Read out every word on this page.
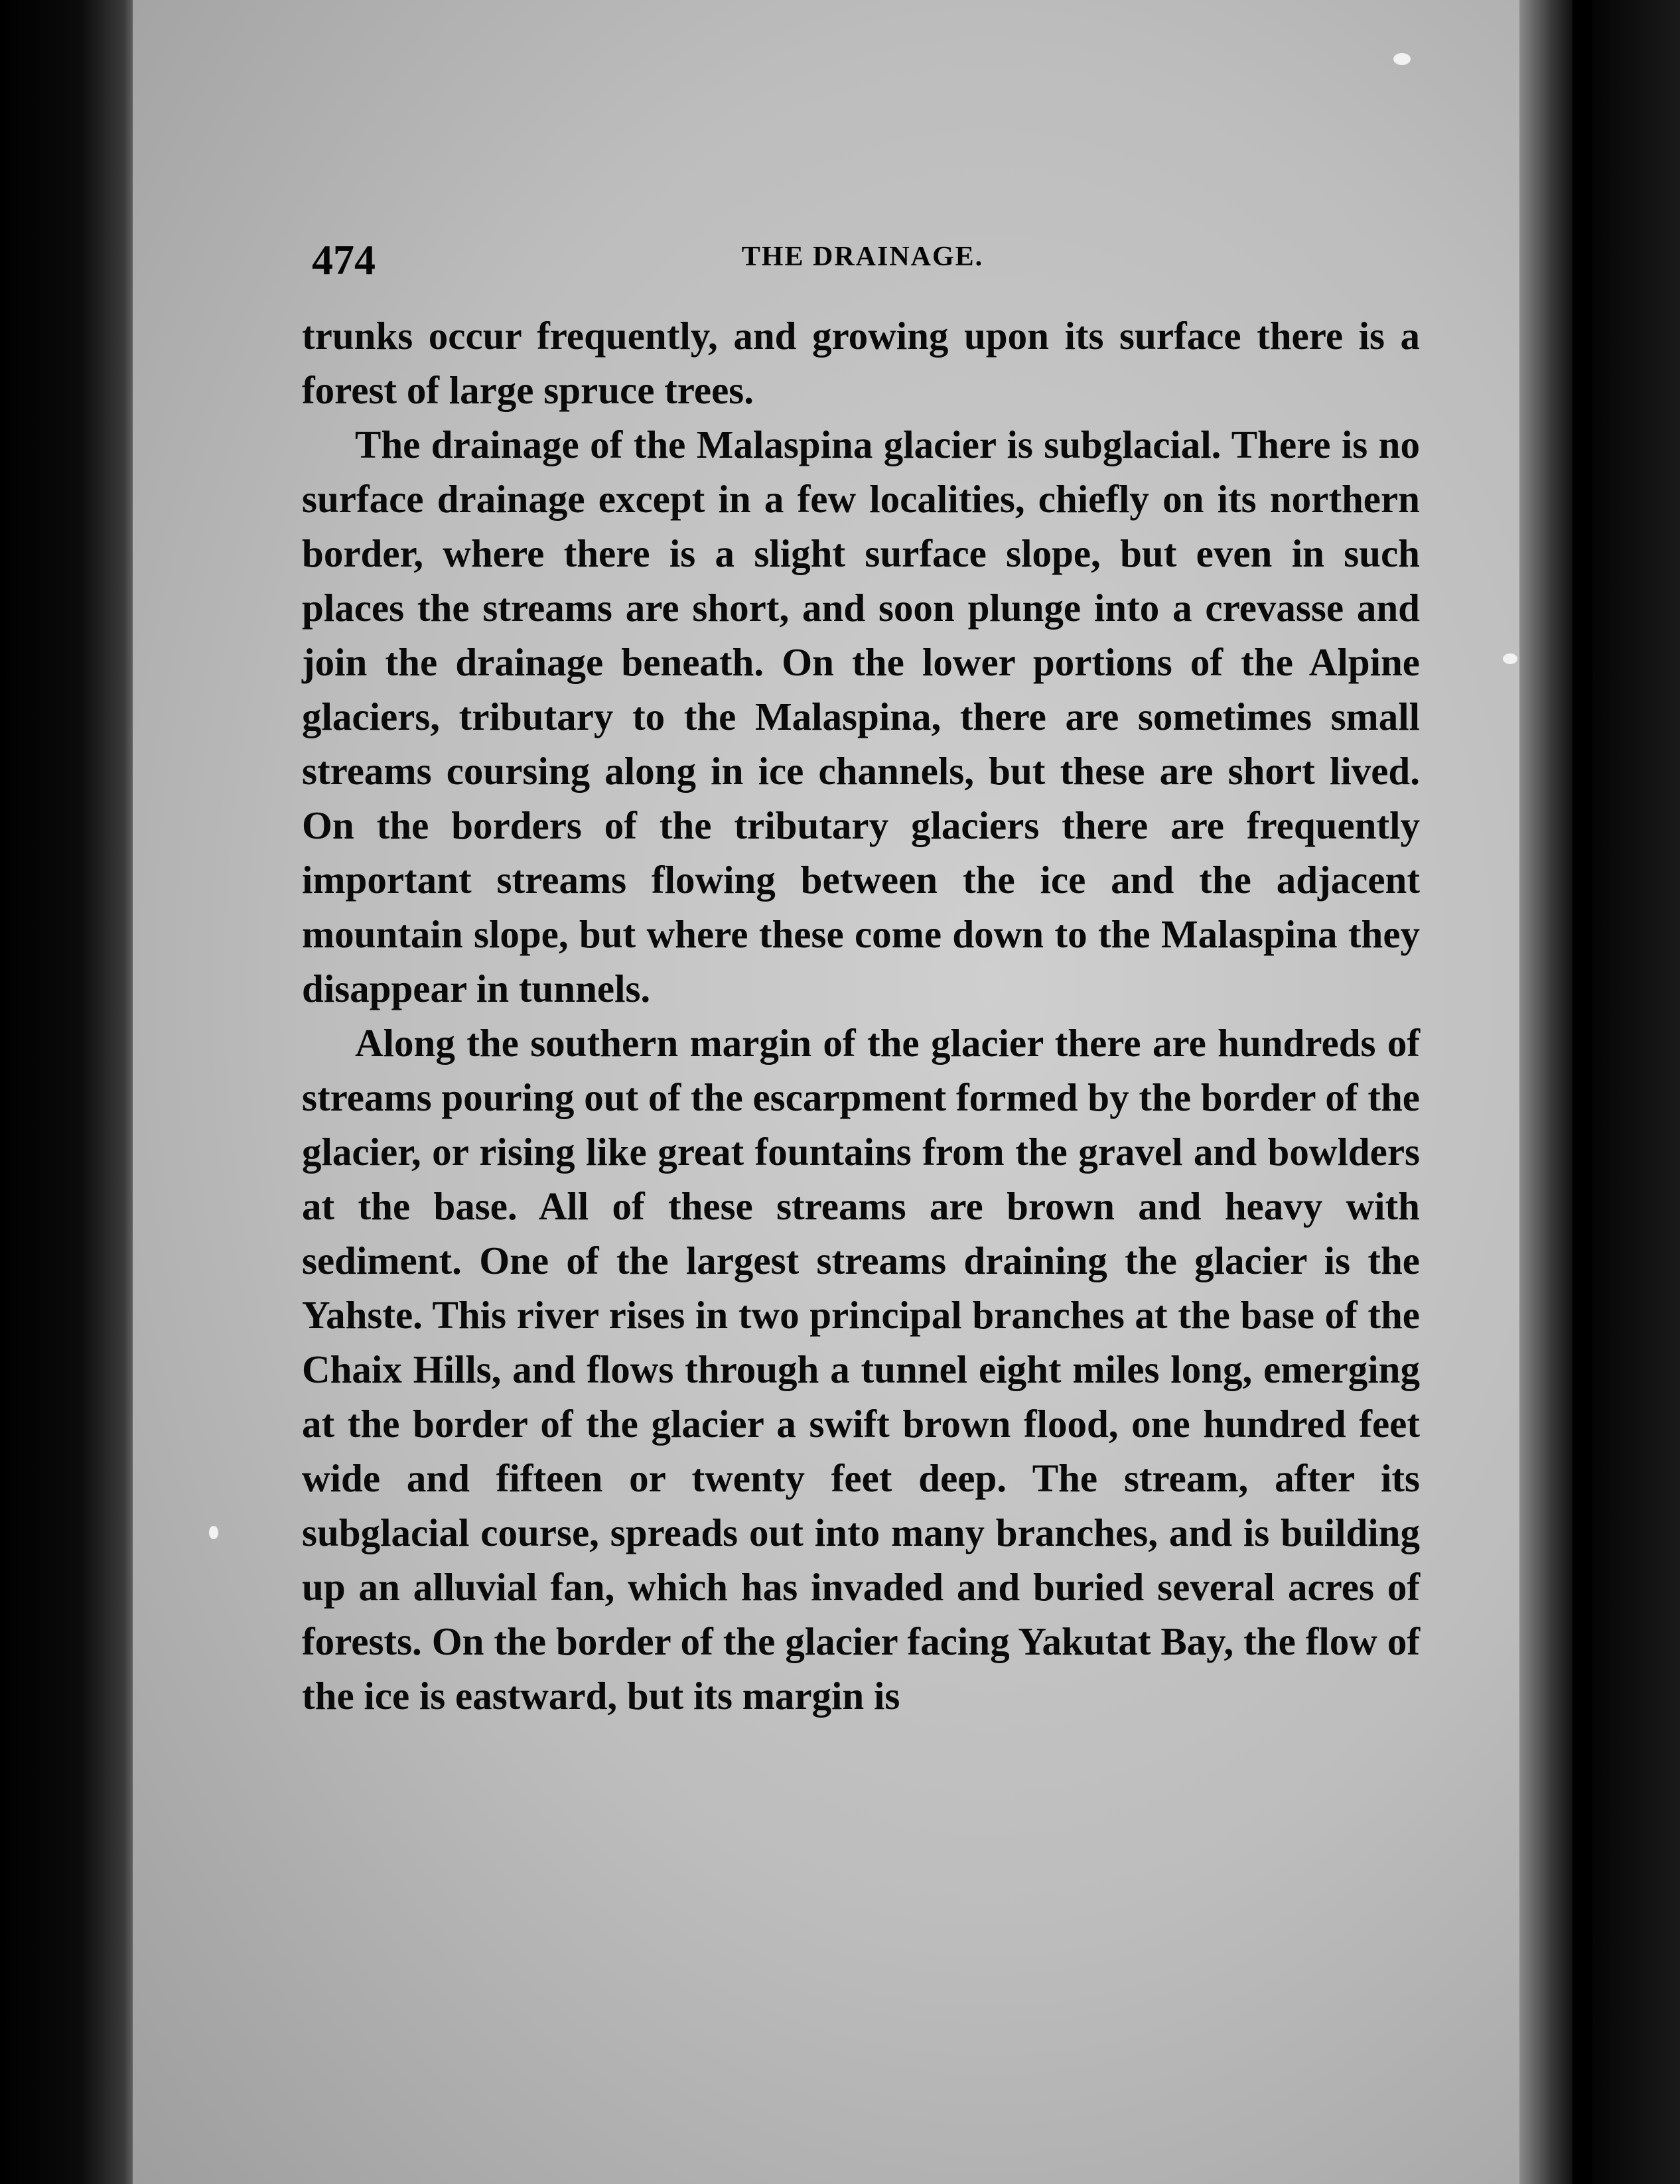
474	THE DRAINAGE.

trunks occur frequently, and growing upon its surface there is a forest of large spruce trees.

The drainage of the Malaspina glacier is subglacial. There is no surface drainage except in a few localities, chiefly on its northern border, where there is a slight surface slope, but even in such places the streams are short, and soon plunge into a crevasse and join the drainage beneath. On the lower portions of the Alpine glaciers, tributary to the Malaspina, there are sometimes small streams coursing along in ice channels, but these are short lived. On the borders of the tributary glaciers there are frequently important streams flowing between the ice and the adjacent mountain slope, but where these come down to the Malaspina they disappear in tunnels.

Along the southern margin of the glacier there are hundreds of streams pouring out of the escarpment formed by the border of the glacier, or rising like great fountains from the gravel and bowlders at the base. All of these streams are brown and heavy with sediment. One of the largest streams draining the glacier is the Yahste. This river rises in two principal branches at the base of the Chaix Hills, and flows through a tunnel eight miles long, emerging at the border of the glacier a swift brown flood, one hundred feet wide and fifteen or twenty feet deep. The stream, after its subglacial course, spreads out into many branches, and is building up an alluvial fan, which has invaded and buried several acres of forests. On the border of the glacier facing Yakutat Bay, the flow of the ice is eastward, but its margin is
